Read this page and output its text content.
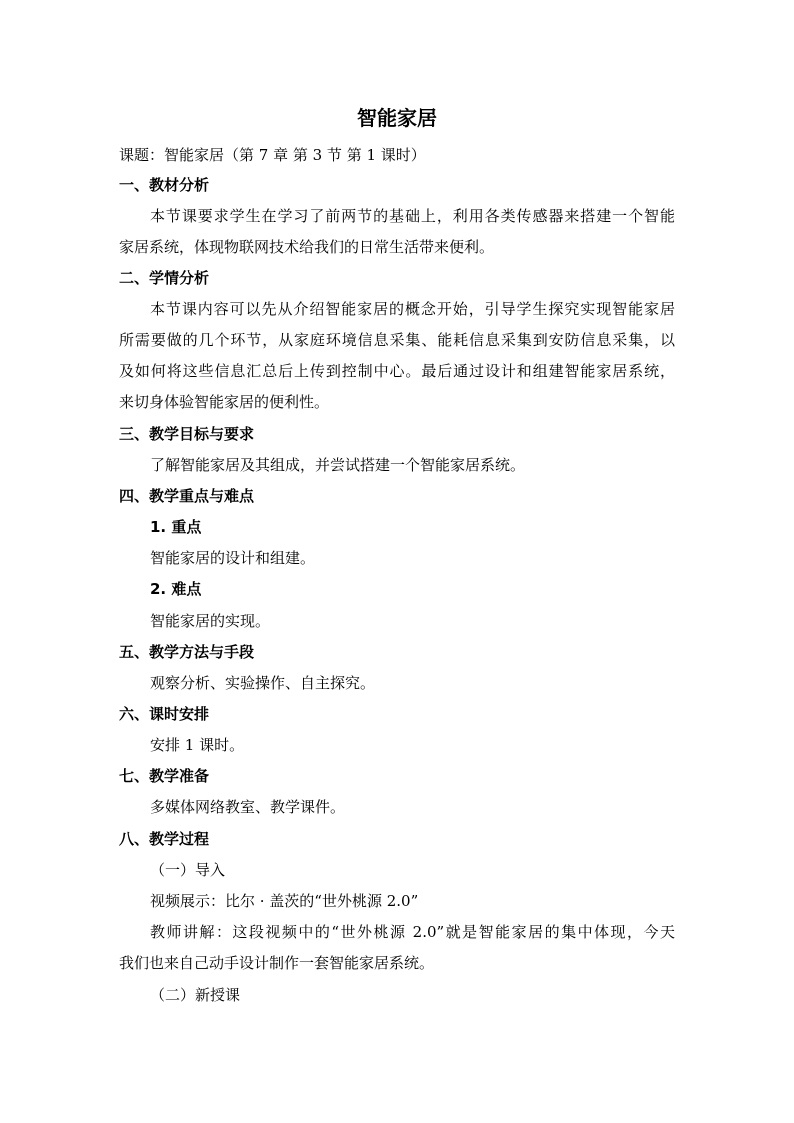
智能家居
课题：智能家居（第 7 章 第 3 节 第 1 课时）
一、教材分析
本节课要求学生在学习了前两节的基础上，利用各类传感器来搭建一个智能
家居系统，体现物联网技术给我们的日常生活带来便利。
二、学情分析
本节课内容可以先从介绍智能家居的概念开始，引导学生探究实现智能家居
所需要做的几个环节，从家庭环境信息采集、能耗信息采集到安防信息采集，以
及如何将这些信息汇总后上传到控制中心。最后通过设计和组建智能家居系统，
来切身体验智能家居的便利性。
三、教学目标与要求
了解智能家居及其组成，并尝试搭建一个智能家居系统。
四、教学重点与难点
1. 重点
智能家居的设计和组建。
2. 难点
智能家居的实现。
五、教学方法与手段
观察分析、实验操作、自主探究。
六、课时安排
安排 1 课时。
七、教学准备
多媒体网络教室、教学课件。
八、教学过程
（一）导入
视频展示：比尔 · 盖茨的“世外桃源 2.0”
教师讲解：这段视频中的“世外桃源 2.0”就是智能家居的集中体现，今天
我们也来自己动手设计制作一套智能家居系统。
（二）新授课
